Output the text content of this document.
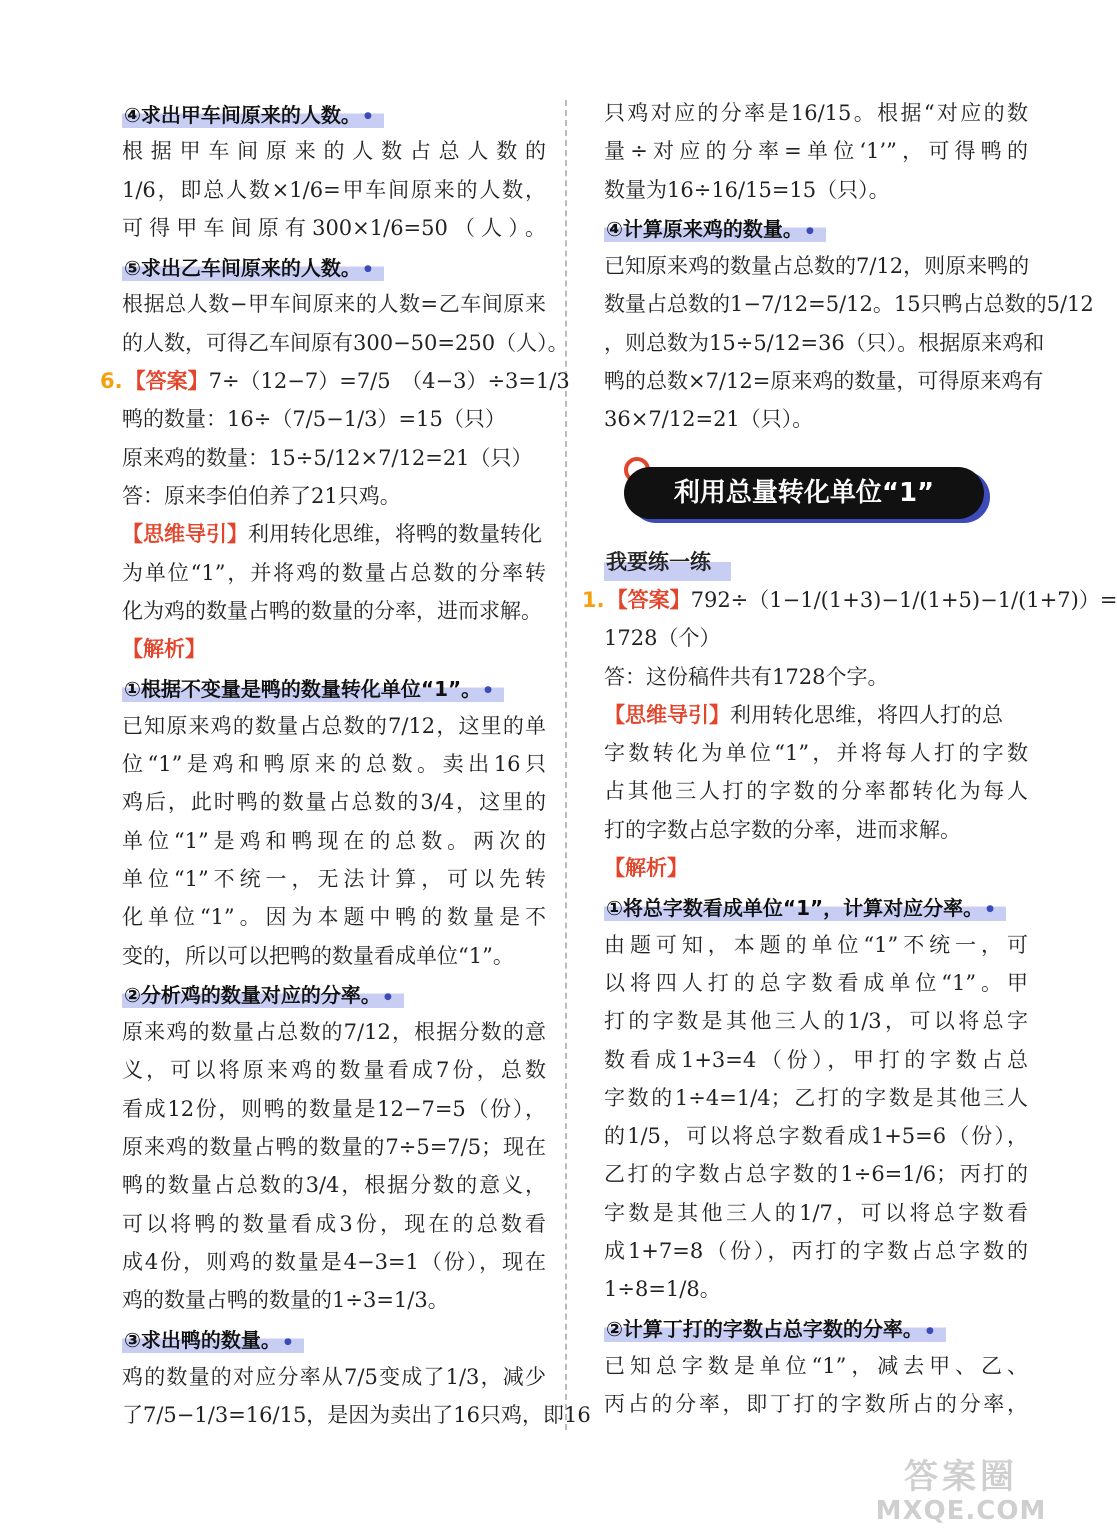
④求出甲车间原来的人数。 ●
根据甲车间原来的人数占总人数的
1/6，即总人数×1/6=甲车间原来的人数，
可得甲车间原有300×1/6=50（人）。
⑤求出乙车间原来的人数。 ●
根据总人数−甲车间原来的人数=乙车间原来
的人数，可得乙车间原有300−50=250（人）。
6.【答案】7÷（12−7）=7/5　（4−3）÷3=1/3
鸭的数量：16÷（7/5−1/3）=15（只）
原来鸡的数量：15÷5/12×7/12=21（只）
答：原来李伯伯养了21只鸡。
【思维导引】利用转化思维，将鸭的数量转化
为单位“1”，并将鸡的数量占总数的分率转
化为鸡的数量占鸭的数量的分率，进而求解。
【解析】
①根据不变量是鸭的数量转化单位“1”。 ●
已知原来鸡的数量占总数的7/12，这里的单
位“1”是鸡和鸭原来的总数。卖出16只
鸡后，此时鸭的数量占总数的3/4，这里的
单位“1”是鸡和鸭现在的总数。两次的
单位“1”不统一，无法计算，可以先转
化单位“1”。因为本题中鸭的数量是不
变的，所以可以把鸭的数量看成单位“1”。
②分析鸡的数量对应的分率。 ●
原来鸡的数量占总数的7/12，根据分数的意
义，可以将原来鸡的数量看成7份，总数
看成12份，则鸭的数量是12−7=5（份），
原来鸡的数量占鸭的数量的7÷5=7/5；现在
鸭的数量占总数的3/4，根据分数的意义，
可以将鸭的数量看成3份，现在的总数看
成4份，则鸡的数量是4−3=1（份），现在
鸡的数量占鸭的数量的1÷3=1/3。
③求出鸭的数量。 ●
鸡的数量的对应分率从7/5变成了1/3，减少
了7/5−1/3=16/15，是因为卖出了16只鸡，即16
只鸡对应的分率是16/15。根据“对应的数
量÷对应的分率=单位‘1’”，可得鸭的
数量为16÷16/15=15（只）。
④计算原来鸡的数量。 ●
已知原来鸡的数量占总数的7/12，则原来鸭的
数量占总数的1−7/12=5/12。15只鸭占总数的5/12
，则总数为15÷5/12=36（只）。根据原来鸡和
鸭的总数×7/12=原来鸡的数量，可得原来鸡有
36×7/12=21（只）。
利用总量转化单位“1”
我要练一练
1.【答案】792÷（1−1/(1+3)−1/(1+5)−1/(1+7)）=
1728（个）
答：这份稿件共有1728个字。
【思维导引】利用转化思维，将四人打的总
字数转化为单位“1”，并将每人打的字数
占其他三人打的字数的分率都转化为每人
打的字数占总字数的分率，进而求解。
【解析】
①将总字数看成单位“1”，计算对应分率。 ●
由题可知，本题的单位“1”不统一，可
以将四人打的总字数看成单位“1”。甲
打的字数是其他三人的1/3，可以将总字
数看成1+3=4（份），甲打的字数占总
字数的1÷4=1/4；乙打的字数是其他三人
的1/5，可以将总字数看成1+5=6（份），
乙打的字数占总字数的1÷6=1/6；丙打的
字数是其他三人的1/7，可以将总字数看
成1+7=8（份），丙打的字数占总字数的
1÷8=1/8。
②计算丁打的字数占总字数的分率。 ●
已知总字数是单位“1”，减去甲、乙、
丙占的分率，即丁打的字数所占的分率，
答案圈
MXQE.COM
